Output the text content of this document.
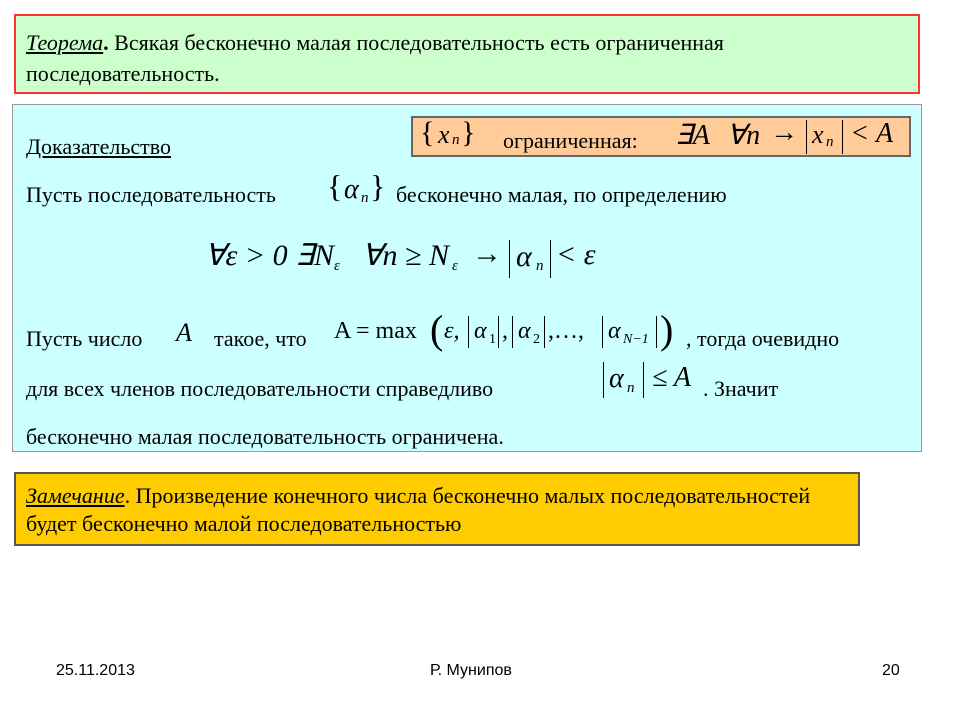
Теорема. Всякая бесконечно малая последовательность есть ограниченная последовательность.
Доказательство	{ x n } ограниченная: ∃A ∀n → x n < A
Пусть последовательность { α n } бесконечно малая, по определению
∀ε > 0 ∃N ε ∀n ≥ N ε → α n < ε
Пусть число A такое, что A = max ( ε, α 1 , α 2 ,…, α N−1 ) , тогда очевидно
для всех членов последовательности справедливо	α n ≤ A . Значит
бесконечно малая последовательность ограничена.
Замечание. Произведение конечного числа бесконечно малых последовательностей будет бесконечно малой последовательностью
25.11.2013	Р. Мунипов	20
